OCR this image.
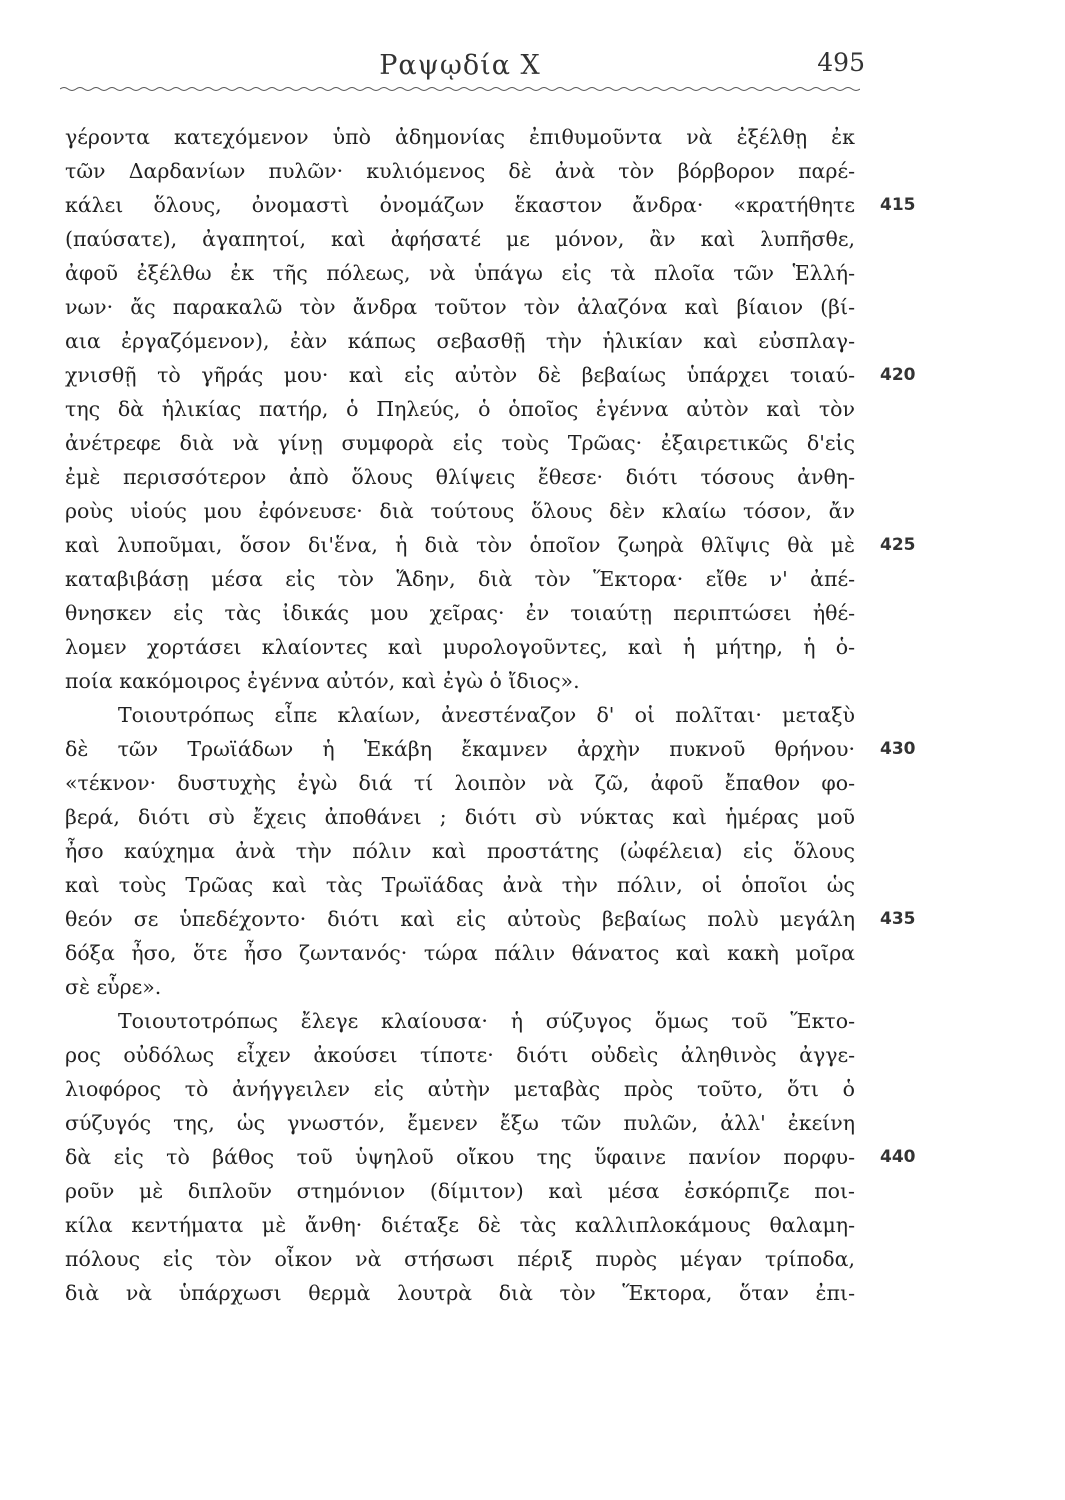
Ραψῳδία Χ	495
γέροντα κατεχόμενον ὑπὸ ἀδημονίας ἐπιθυμοῦντα νὰ ἐξέλθῃ ἐκ
τῶν Δαρδανίων πυλῶν· κυλιόμενος δὲ ἀνὰ τὸν βόρβορον παρέ-
κάλει ὅλους, ὀνομαστὶ ὀνομάζων ἕκαστον ἄνδρα· «κρατήθητε
(παύσατε), ἀγαπητοί, καὶ ἀφήσατέ με μόνον, ἂν καὶ λυπῆσθε,
ἀφοῦ ἐξέλθω ἐκ τῆς πόλεως, νὰ ὑπάγω εἰς τὰ πλοῖα τῶν Ἑλλή-
νων· ἄς παρακαλῶ τὸν ἄνδρα τοῦτον τὸν ἀλαζόνα καὶ βίαιον (βί-
αια ἐργαζόμενον), ἐὰν κάπως σεβασθῇ τὴν ἡλικίαν καὶ εὐσπλαγ-
χνισθῇ τὸ γῆράς μου· καὶ εἰς αὐτὸν δὲ βεβαίως ὑπάρχει τοιαύ-
της δὰ ἡλικίας πατήρ, ὁ Πηλεύς, ὁ ὁποῖος ἐγέννα αὐτὸν καὶ τὸν
ἀνέτρεφε διὰ νὰ γίνῃ συμφορὰ εἰς τοὺς Τρῶας· ἐξαιρετικῶς δ'εἰς
ἐμὲ περισσότερον ἀπὸ ὅλους θλίψεις ἔθεσε· διότι τόσους ἀνθη-
ροὺς υἱούς μου ἐφόνευσε· διὰ τούτους ὅλους δὲν κλαίω τόσον, ἄν
καὶ λυποῦμαι, ὅσον δι'ἕνα, ἡ διὰ τὸν ὁποῖον ζωηρὰ θλῖψις θὰ μὲ
καταβιβάσῃ μέσα εἰς τὸν Ἅδην, διὰ τὸν Ἕκτορα· εἴθε ν' ἀπέ-
θνησκεν εἰς τὰς ἰδικάς μου χεῖρας· ἐν τοιαύτῃ περιπτώσει ἠθέ-
λομεν χορτάσει κλαίοντες καὶ μυρολογοῦντες, καὶ ἡ μήτηρ, ἡ ὁ-
ποία κακόμοιρος ἐγέννα αὐτόν, καὶ ἐγὼ ὁ ἴδιος».
Τοιουτρόπως εἶπε κλαίων, ἀνεστέναζον δ' οἱ πολῖται· μεταξὺ
δὲ τῶν Τρωϊάδων ἡ Ἑκάβη ἔκαμνεν ἀρχὴν πυκνοῦ θρήνου·
«τέκνον· δυστυχὴς ἐγὼ διά τί λοιπὸν νὰ ζῶ, ἀφοῦ ἔπαθον φο-
βερά, διότι σὺ ἔχεις ἀποθάνει ; διότι σὺ νύκτας καὶ ἡμέρας μοῦ
ἦσο καύχημα ἀνὰ τὴν πόλιν καὶ προστάτης (ὠφέλεια) εἰς ὅλους
καὶ τοὺς Τρῶας καὶ τὰς Τρωϊάδας ἀνὰ τὴν πόλιν, οἱ ὁποῖοι ὡς
θεόν σε ὑπεδέχοντο· διότι καὶ εἰς αὐτοὺς βεβαίως πολὺ μεγάλη
δόξα ἦσο, ὅτε ἦσο ζωντανός· τώρα πάλιν θάνατος καὶ κακὴ μοῖρα
σὲ εὗρε».
Τοιουτοτρόπως ἔλεγε κλαίουσα· ἡ σύζυγος ὅμως τοῦ Ἕκτο-
ρος οὐδόλως εἶχεν ἀκούσει τίποτε· διότι οὐδεὶς ἀληθινὸς ἀγγε-
λιοφόρος τὸ ἀνήγγειλεν εἰς αὐτὴν μεταβὰς πρὸς τοῦτο, ὅτι ὁ
σύζυγός της, ὡς γνωστόν, ἔμενεν ἔξω τῶν πυλῶν, ἀλλ' ἐκείνη
δὰ εἰς τὸ βάθος τοῦ ὑψηλοῦ οἴκου της ὕφαινε πανίον πορφυ-
ροῦν μὲ διπλοῦν στημόνιον (δίμιτον) καὶ μέσα ἐσκόρπιζε ποι-
κίλα κεντήματα μὲ ἄνθη· διέταξε δὲ τὰς καλλιπλοκάμους θαλαμη-
πόλους εἰς τὸν οἶκον νὰ στήσωσι πέριξ πυρὸς μέγαν τρίποδα,
διὰ νὰ ὑπάρχωσι θερμὰ λουτρὰ διὰ τὸν Ἕκτορα, ὅταν ἐπι-
415
420
425
430
435
440
